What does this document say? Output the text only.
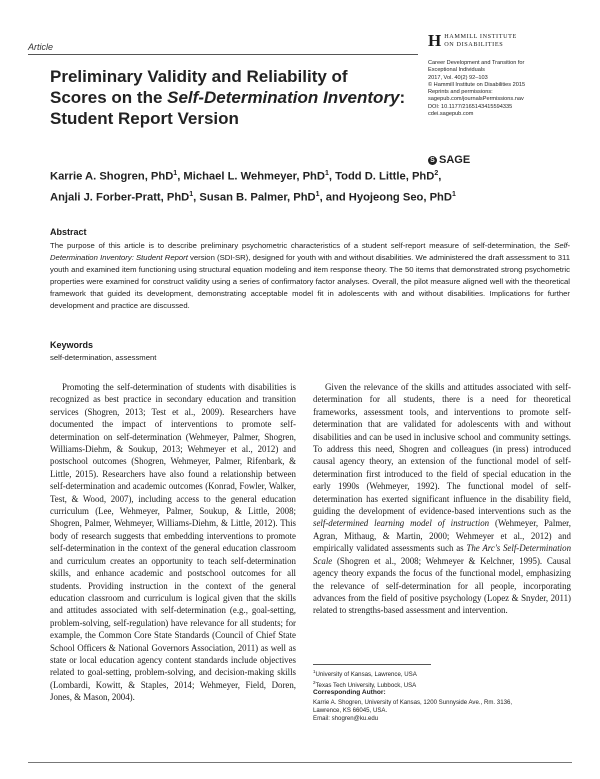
Article	H HAMMILL INSTITUTE
ON DISABILITIES
Career Development and Transition for
Exceptional Individuals
2017, Vol. 40(2) 92–103
© Hammill Institute on Disabilities 2015
Reprints and permissions:
sagepub.com/journalsPermissions.nav
DOI: 10.1177/2165143415594335
cdei.sagepub.com
S SAGE
Preliminary Validity and Reliability of
Scores on the Self-Determination Inventory:
Student Report Version
Karrie A. Shogren, PhD$^1$, Michael L. Wehmeyer, PhD$^1$, Todd D. Little, PhD$^2$,
Anjali J. Forber-Pratt, PhD$^1$, Susan B. Palmer, PhD$^1$, and Hyojeong Seo, PhD$^1$
Abstract
The purpose of this article is to describe preliminary psychometric characteristics of a student self-report measure of self-determination, the Self-Determination Inventory: Student Report version (SDI-SR), designed for youth with and without disabilities. We administered the draft assessment to 311 youth and examined item functioning using structural equation modeling and item response theory. The 50 items that demonstrated strong psychometric properties were examined for construct validity using a series of confirmatory factor analyses. Overall, the pilot measure aligned well with the theoretical framework that guided its development, demonstrating acceptable model fit in adolescents with and without disabilities. Implications for further development and practice are discussed.
Keywords
self-determination, assessment

Promoting the self-determination of students with disabilities is recognized as best practice in secondary education and transition services (Shogren, 2013; Test et al., 2009). Researchers have documented the impact of interventions to promote self-determination on self-determination (Wehmeyer, Palmer, Shogren, Williams-Diehm, & Soukup, 2013; Wehmeyer et al., 2012) and postschool outcomes (Shogren, Wehmeyer, Palmer, Rifenbark, & Little, 2015). Researchers have also found a relationship between self-determination and academic outcomes (Konrad, Fowler, Walker, Test, & Wood, 2007), including access to the general education curriculum (Lee, Wehmeyer, Palmer, Soukup, & Little, 2008; Shogren, Palmer, Wehmeyer, Williams-Diehm, & Little, 2012). This body of research suggests that embedding interventions to promote self-determination in the context of the general education classroom and curriculum creates an opportunity to teach self-determination skills, and enhance academic and postschool outcomes for all students. Providing instruction in the context of the general education classroom and curriculum is logical given that the skills and attitudes associated with self-determination (e.g., goal-setting, problem-solving, self-regulation) have relevance for all students; for example, the Common Core State Standards (Council of Chief State School Officers & National Governors Association, 2011) as well as state or local education agency content standards include objectives related to goal-setting, problem-solving, and decision-making skills (Lombardi, Kowitt, & Staples, 2014; Wehmeyer, Field, Doren, Jones, & Mason, 2004).

Given the relevance of the skills and attitudes associated with self-determination for all students, there is a need for theoretical frameworks, assessment tools, and interventions to promote self-determination that are validated for adolescents with and without disabilities and can be used in inclusive school and community settings. To address this need, Shogren and colleagues (in press) introduced causal agency theory, an extension of the functional model of self-determination first introduced to the field of special education in the early 1990s (Wehmeyer, 1992). The functional model of self-determination has exerted significant influence in the disability field, guiding the development of evidence-based interventions such as the self-determined learning model of instruction (Wehmeyer, Palmer, Agran, Mithaug, & Martin, 2000; Wehmeyer et al., 2012) and empirically validated assessments such as The Arc's Self-Determination Scale (Shogren et al., 2008; Wehmeyer & Kelchner, 1995). Causal agency theory expands the focus of the functional model, emphasizing the relevance of self-determination for all people, incorporating advances from the field of positive psychology (Lopez & Snyder, 2011) related to strengths-based assessment and intervention.

$^1$University of Kansas, Lawrence, USA
$^2$Texas Tech University, Lubbock, USA
Corresponding Author:
Karrie A. Shogren, University of Kansas, 1200 Sunnyside Ave., Rm. 3136,
Lawrence, KS 66045, USA.
Email: shogren@ku.edu
